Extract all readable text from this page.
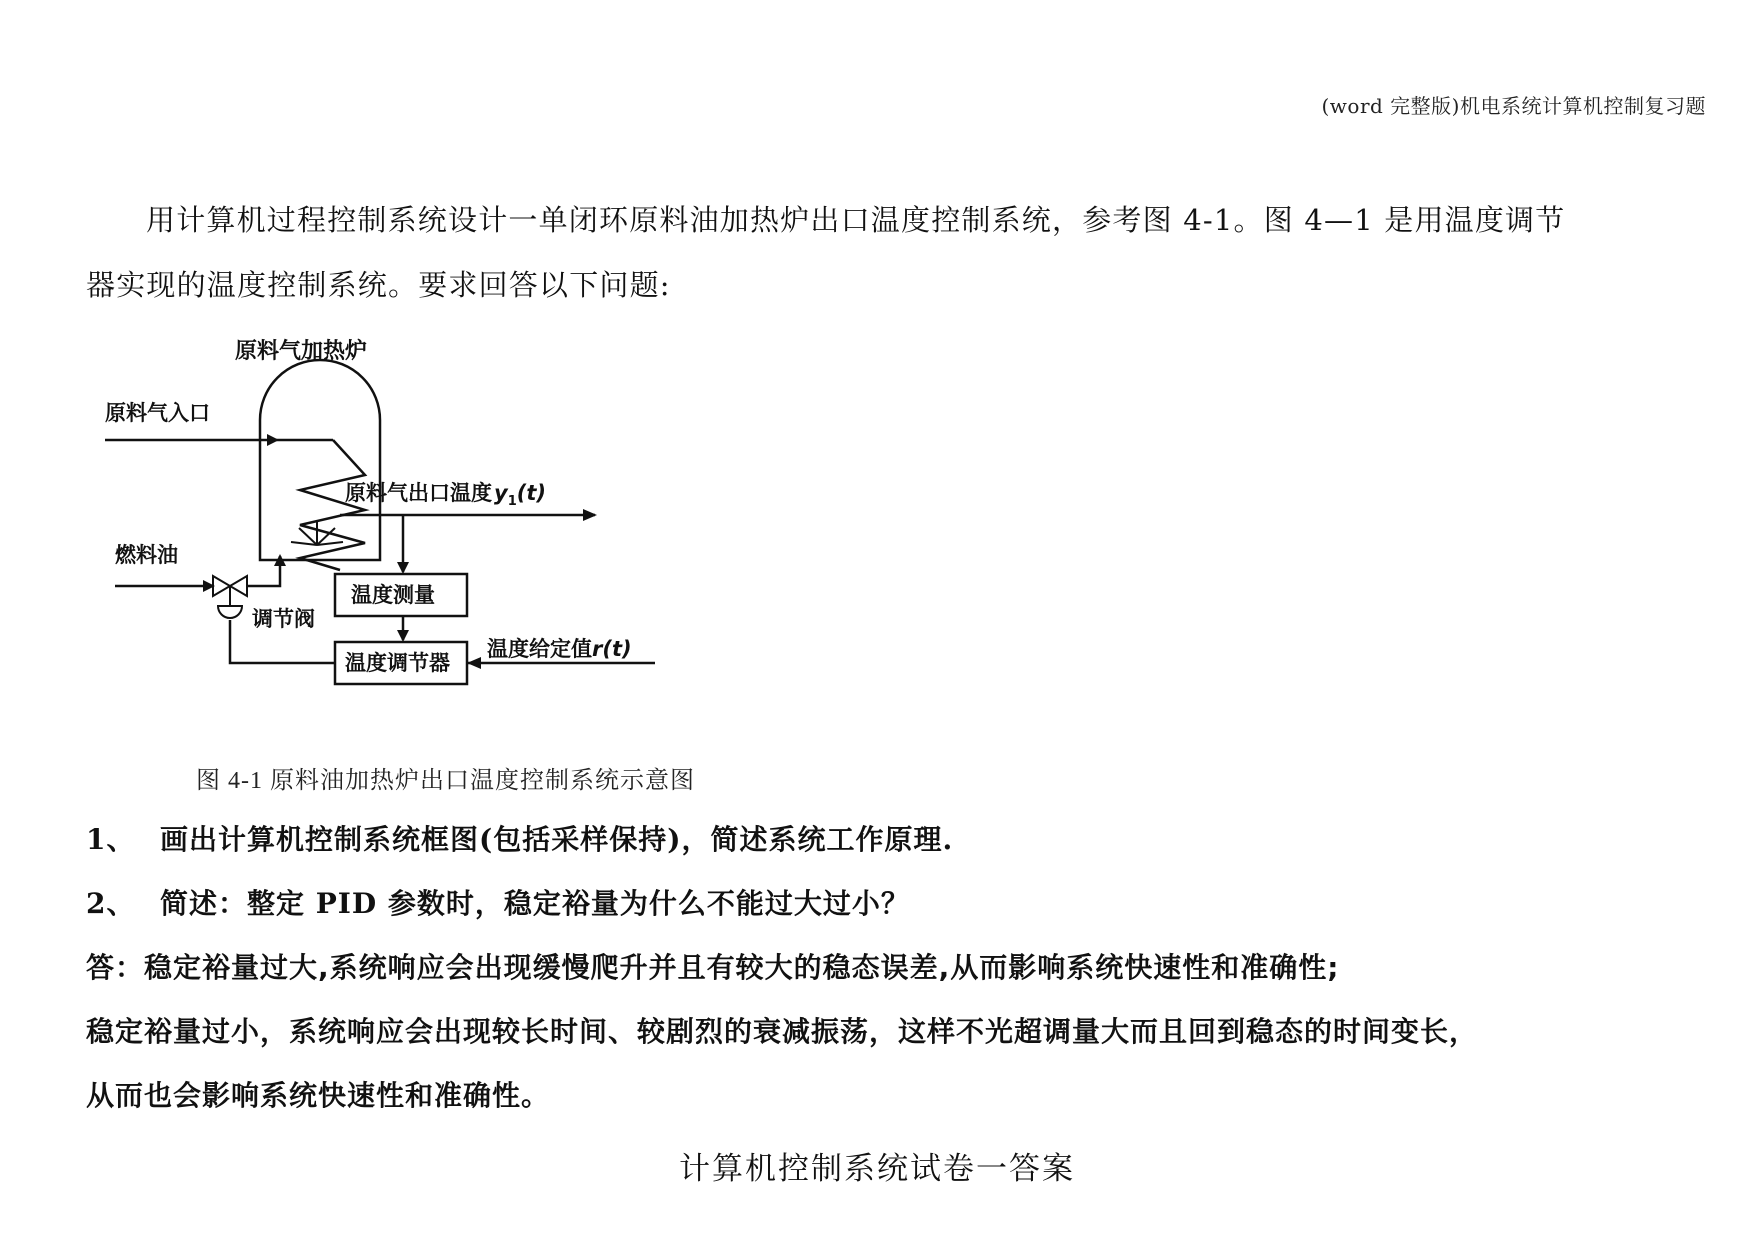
(word 完整版)机电系统计算机控制复习题
用计算机过程控制系统设计一单闭环原料油加热炉出口温度控制系统，参考图 4-1。图 4—1 是用温度调节
器实现的温度控制系统。要求回答以下问题:
原料气加热炉
原料气入口
原料气出口温度$y_1(t)$
温度测量
温度调节器
温度给定值r(t)
燃料油
调节阀
图 4-1 原料油加热炉出口温度控制系统示意图
1、 画出计算机控制系统框图(包括采样保持)，简述系统工作原理.
2、 简述：整定 PID 参数时，稳定裕量为什么不能过大过小？
答：稳定裕量过大,系统响应会出现缓慢爬升并且有较大的稳态误差,从而影响系统快速性和准确性;
稳定裕量过小，系统响应会出现较长时间、较剧烈的衰减振荡，这样不光超调量大而且回到稳态的时间变长，
从而也会影响系统快速性和准确性。
计算机控制系统试卷一答案
